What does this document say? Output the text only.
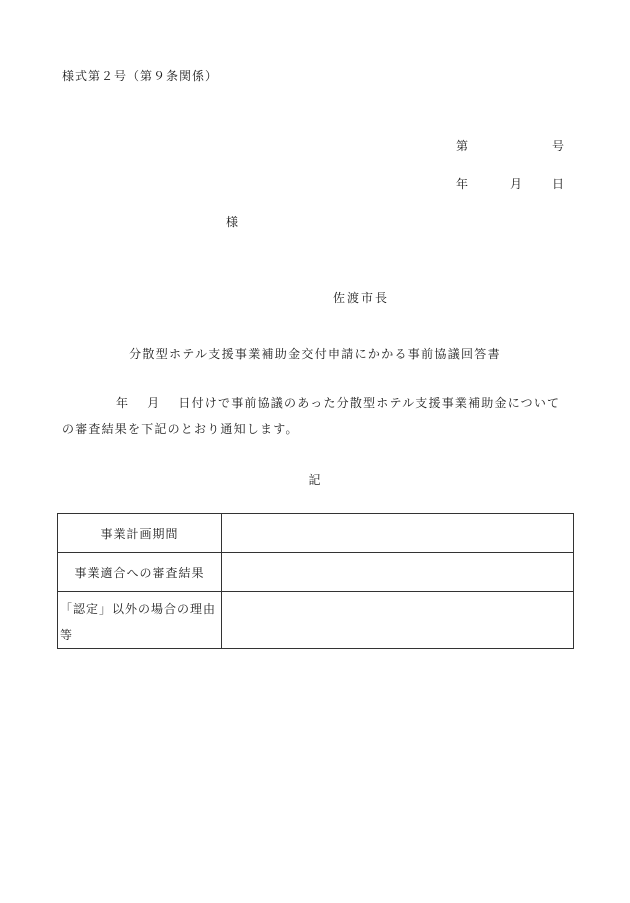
様式第２号（第９条関係）
第	号
年	月 日
様
佐渡市長
分散型ホテル支援事業補助金交付申請にかかる事前協議回答書
年 月 日付けで事前協議のあった分散型ホテル支援事業補助金について
の審査結果を下記のとおり通知します。
記
事業計画期間	
事業適合への審査結果	
「認定」以外の場合の理由等	
